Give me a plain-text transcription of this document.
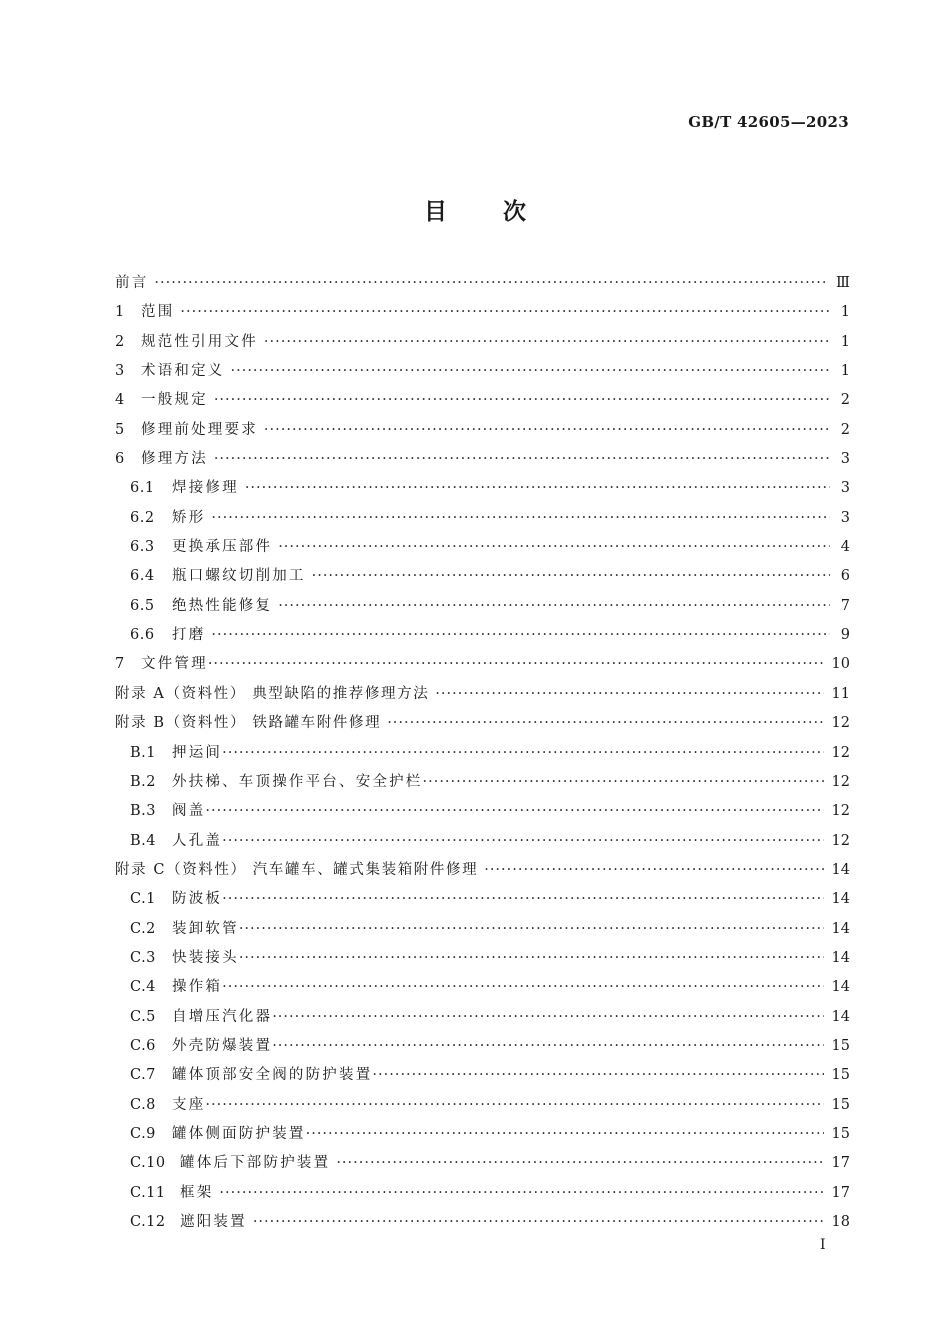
GB/T 42605—2023
目次
前言 ·····	Ⅲ
1	范围 ·····	1
2	规范性引用文件 ·····	1
3	术语和定义 ·····	1
4	一般规定 ·····	2
5	修理前处理要求 ·····	2
6	修理方法 ·····	3
6.1	焊接修理 ·····	3
6.2	矫形 ·····	3
6.3	更换承压部件 ·····	4
6.4	瓶口螺纹切削加工 ·····	6
6.5	绝热性能修复 ·····	7
6.6	打磨 ·····	9
7	文件管理 ·····	10
附录 A（资料性） 典型缺陷的推荐修理方法 ·····	11
附录 B（资料性） 铁路罐车附件修理 ·····	12
B.1	押运间 ·····	12
B.2	外扶梯、车顶操作平台、安全护栏 ·····	12
B.3	阀盖 ·····	12
B.4	人孔盖 ·····	12
附录 C（资料性） 汽车罐车、罐式集装箱附件修理 ·····	14
C.1	防波板 ·····	14
C.2	装卸软管 ·····	14
C.3	快装接头 ·····	14
C.4	操作箱 ·····	14
C.5	自增压汽化器 ·····	14
C.6	外壳防爆装置 ·····	15
C.7	罐体顶部安全阀的防护装置 ·····	15
C.8	支座 ·····	15
C.9	罐体侧面防护装置 ·····	15
C.10 罐体后下部防护装置 ·····	17
C.11 框架 ·····	17
C.12 遮阳装置 ·····	18
Ⅰ
